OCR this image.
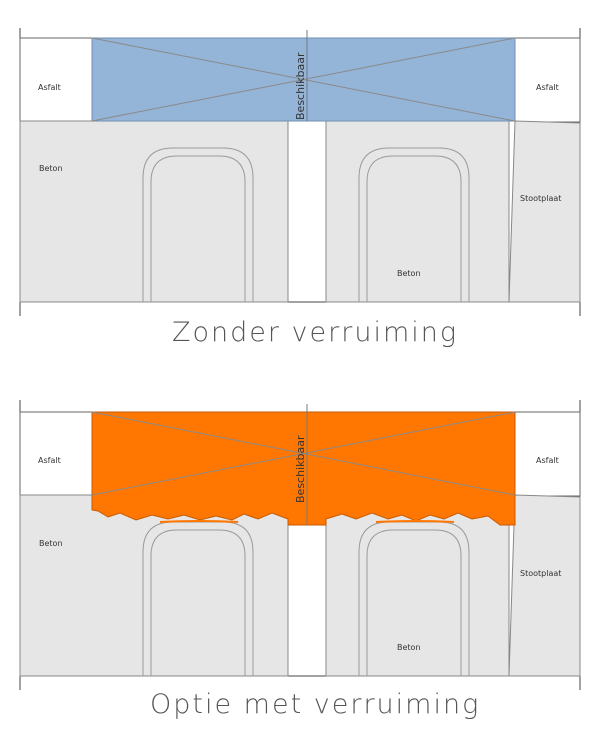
Beschikbaar
Asfalt	Asfalt
Beton
Beton
Stootplaat
Zonder verruiming
Beschikbaar
Asfalt	Asfalt
Beton
Beton
Stootplaat
Optie met verruiming
